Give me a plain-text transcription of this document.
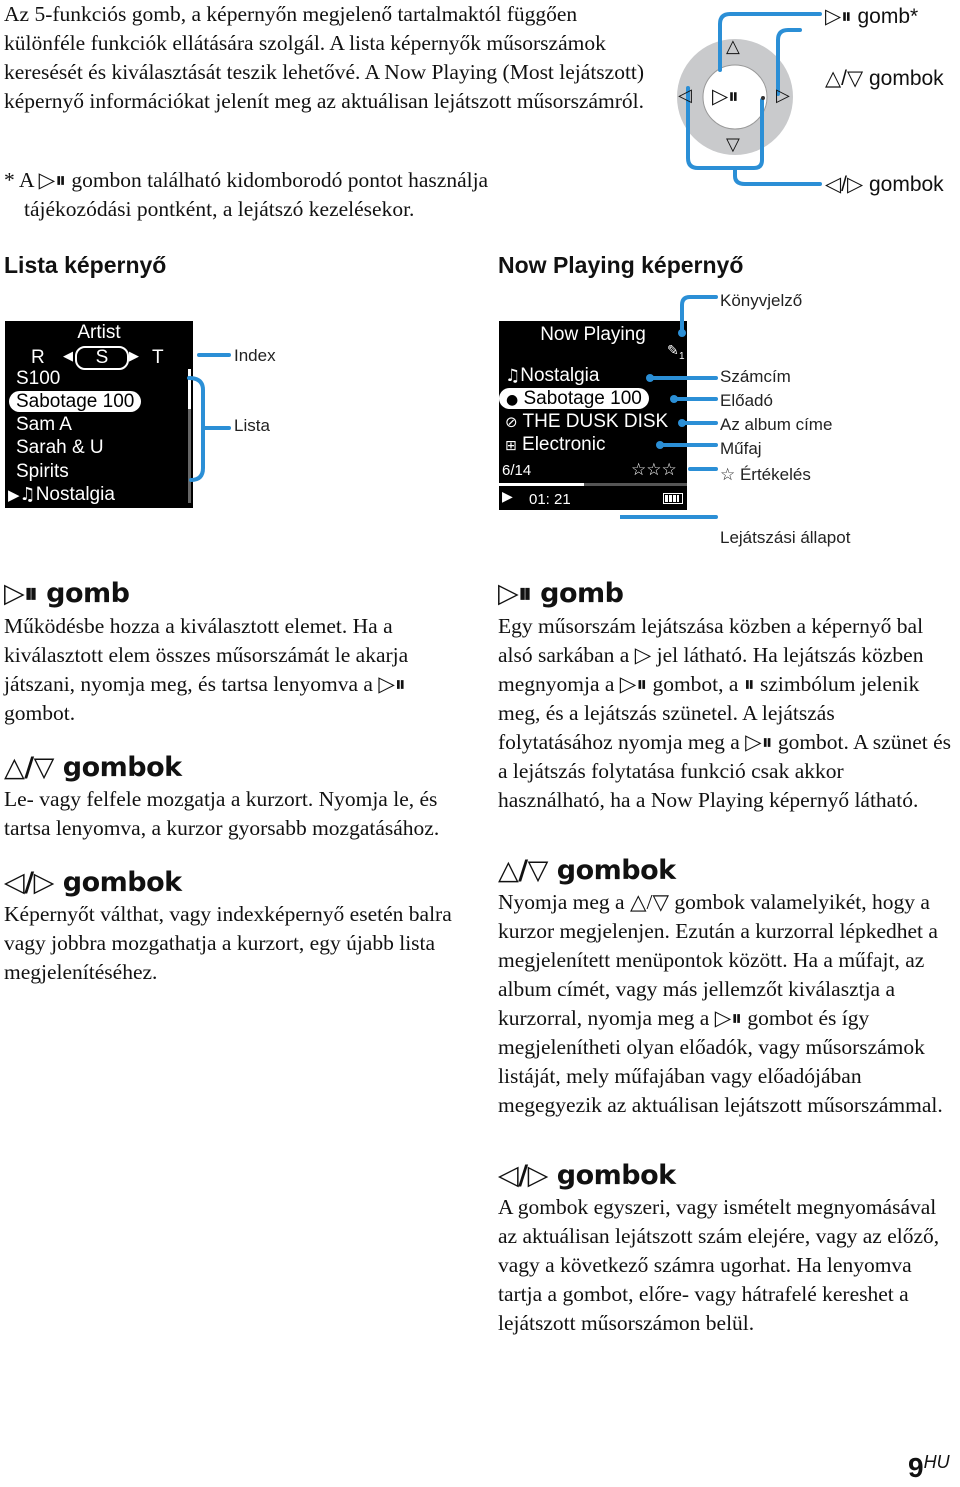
Az 5-funkciós gomb, a képernyőn megjelenő tartalmaktól függően különféle funkciók ellátására szolgál. A lista képernyők műsorszámok keresését és kiválasztását teszik lehetővé. A Now Playing (Most lejátszott) képernyő információkat jelenít meg az aktuálisan lejátszott műsorszámról.
* A ▷⏸ gombon található kidomborodó pontot használja
tájékozódási pontként, a lejátszó kezelésekor.
△
▽
◁	▷
▷⏸
▷⏸ gomb*
△/▽ gombok
◁/▷ gombok
Lista képernyő	Now Playing képernyő
Artist
R ◀	S	▶ T
S100
Sabotage 100
Sam A
Sarah & U
Spirits
▶♫Nostalgia
Index
Lista
Now Playing
✎ 1
♫Nostalgia
● Sabotage 100
⊘ THE DUSK DISK
⊞ Electronic
6/14	☆☆☆
▶ 01: 21
Könyvjelző
Számcím
Előadó
Az album címe
Műfaj
☆ Értékelés
Lejátszási állapot
▷⏸ gomb
Működésbe hozza a kiválasztott elemet. Ha a kiválasztott elem összes műsorszámát le akarja játszani, nyomja meg, és tartsa lenyomva a ▷⏸ gombot.
△/▽ gombok
Le- vagy felfele mozgatja a kurzort. Nyomja le, és tartsa lenyomva, a kurzor gyorsabb mozgatásához.
◁/▷ gombok
Képernyőt válthat, vagy indexképernyő esetén balra vagy jobbra mozgathatja a kurzort, egy újabb lista megjelenítéséhez.
▷⏸ gomb
Egy műsorszám lejátszása közben a képernyő bal alsó sarkában a ▷ jel látható. Ha lejátszás közben megnyomja a ▷⏸ gombot, a ⏸ szimbólum jelenik meg, és a lejátszás szünetel. A lejátszás folytatásához nyomja meg a ▷⏸ gombot. A szünet és a lejátszás folytatása funkció csak akkor használható, ha a Now Playing képernyő látható.
△/▽ gombok
Nyomja meg a △/▽ gombok valamelyikét, hogy a kurzor megjelenjen. Ezután a kurzorral lépkedhet a megjelenített menüpontok között. Ha a műfajt, az album címét, vagy más jellemzőt kiválasztja a kurzorral, nyomja meg a ▷⏸ gombot és így megjelenítheti olyan előadók, vagy műsorszámok listáját, mely műfajában vagy előadójában megegyezik az aktuálisan lejátszott műsorszámmal.
◁/▷ gombok
A gombok egyszeri, vagy ismételt megnyomásával az aktuálisan lejátszott szám elejére, vagy az előző, vagy a következő számra ugorhat. Ha lenyomva tartja a gombot, előre- vagy hátrafelé kereshet a lejátszott műsorszámon belül.
9HU
